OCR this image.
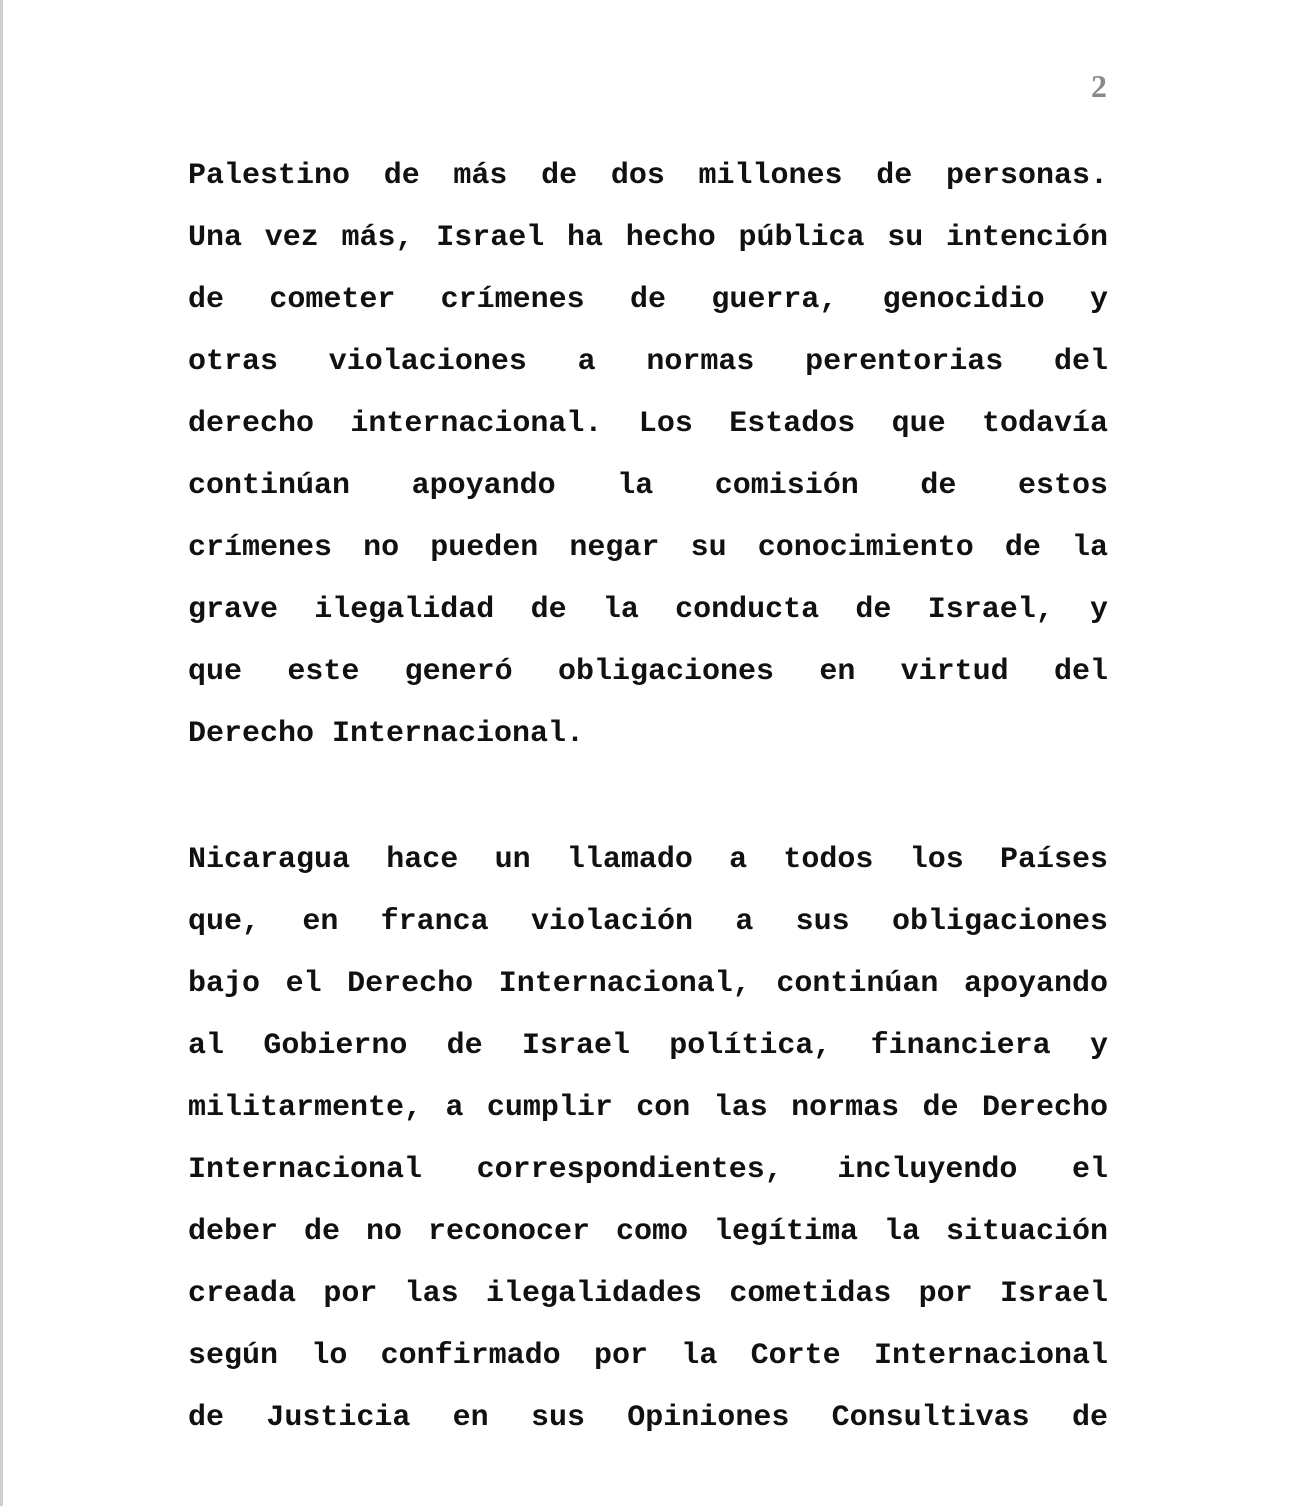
2
Palestino de más de dos millones de personas.
Una vez más, Israel ha hecho pública su intención
de cometer crímenes de guerra, genocidio y
otras violaciones a normas perentorias del
derecho internacional. Los Estados que todavía
continúan apoyando la comisión de estos
crímenes no pueden negar su conocimiento de la
grave ilegalidad de la conducta de Israel, y
que este generó obligaciones en virtud del
Derecho Internacional.
Nicaragua hace un llamado a todos los Países
que, en franca violación a sus obligaciones
bajo el Derecho Internacional, continúan apoyando
al Gobierno de Israel política, financiera y
militarmente, a cumplir con las normas de Derecho
Internacional correspondientes, incluyendo el
deber de no reconocer como legítima la situación
creada por las ilegalidades cometidas por Israel
según lo confirmado por la Corte Internacional
de Justicia en sus Opiniones Consultivas de
